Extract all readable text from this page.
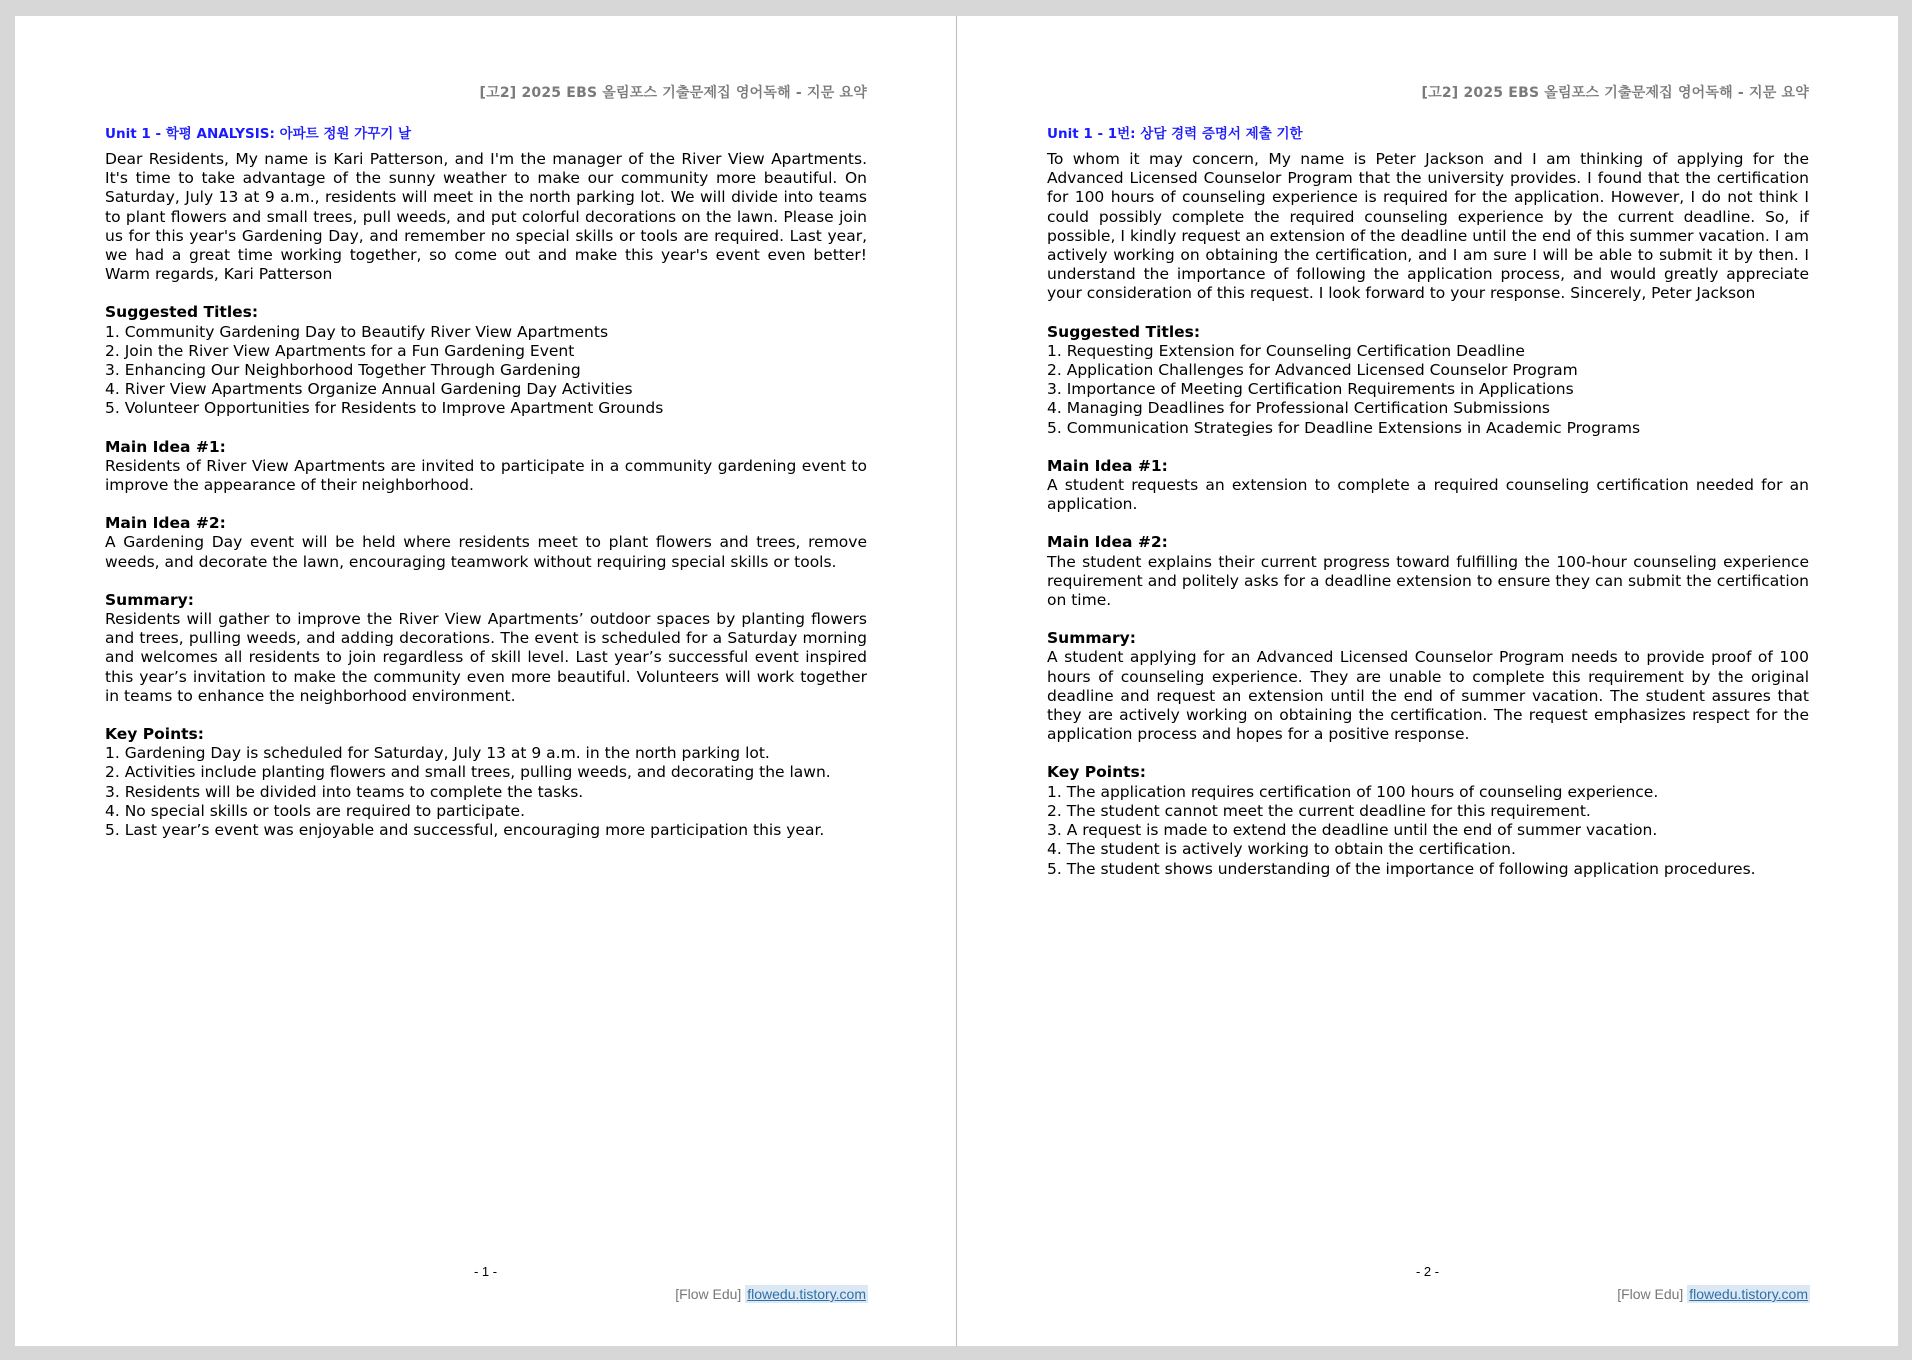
[고2] 2025 EBS 올림포스 기출문제집 영어독해 - 지문 요약
Unit 1 - 학평 ANALYSIS: 아파트 정원 가꾸기 날
Dear Residents, My name is Kari Patterson, and I'm the manager of the River View Apartments. It's time to take advantage of the sunny weather to make our community more beautiful. On Saturday, July 13 at 9 a.m., residents will meet in the north parking lot. We will divide into teams to plant flowers and small trees, pull weeds, and put colorful decorations on the lawn. Please join us for this year's Gardening Day, and remember no special skills or tools are required. Last year, we had a great time working together, so come out and make this year's event even better! Warm regards, Kari Patterson
Suggested Titles:
1. Community Gardening Day to Beautify River View Apartments
2. Join the River View Apartments for a Fun Gardening Event
3. Enhancing Our Neighborhood Together Through Gardening
4. River View Apartments Organize Annual Gardening Day Activities
5. Volunteer Opportunities for Residents to Improve Apartment Grounds
Main Idea #1:
Residents of River View Apartments are invited to participate in a community gardening event to improve the appearance of their neighborhood.
Main Idea #2:
A Gardening Day event will be held where residents meet to plant flowers and trees, remove weeds, and decorate the lawn, encouraging teamwork without requiring special skills or tools.
Summary:
Residents will gather to improve the River View Apartments’ outdoor spaces by planting flowers and trees, pulling weeds, and adding decorations. The event is scheduled for a Saturday morning and welcomes all residents to join regardless of skill level. Last year’s successful event inspired this year’s invitation to make the community even more beautiful. Volunteers will work together in teams to enhance the neighborhood environment.
Key Points:
1. Gardening Day is scheduled for Saturday, July 13 at 9 a.m. in the north parking lot.
2. Activities include planting flowers and small trees, pulling weeds, and decorating the lawn.
3. Residents will be divided into teams to complete the tasks.
4. No special skills or tools are required to participate.
5. Last year’s event was enjoyable and successful, encouraging more participation this year.
- 1 -
[Flow Edu] flowedu.tistory.com
[고2] 2025 EBS 올림포스 기출문제집 영어독해 - 지문 요약
Unit 1 - 1번: 상담 경력 증명서 제출 기한
To whom it may concern, My name is Peter Jackson and I am thinking of applying for the Advanced Licensed Counselor Program that the university provides. I found that the certification for 100 hours of counseling experience is required for the application. However, I do not think I could possibly complete the required counseling experience by the current deadline. So, if possible, I kindly request an extension of the deadline until the end of this summer vacation. I am actively working on obtaining the certification, and I am sure I will be able to submit it by then. I understand the importance of following the application process, and would greatly appreciate your consideration of this request. I look forward to your response. Sincerely, Peter Jackson
Suggested Titles:
1. Requesting Extension for Counseling Certification Deadline
2. Application Challenges for Advanced Licensed Counselor Program
3. Importance of Meeting Certification Requirements in Applications
4. Managing Deadlines for Professional Certification Submissions
5. Communication Strategies for Deadline Extensions in Academic Programs
Main Idea #1:
A student requests an extension to complete a required counseling certification needed for an application.
Main Idea #2:
The student explains their current progress toward fulfilling the 100-hour counseling experience requirement and politely asks for a deadline extension to ensure they can submit the certification on time.
Summary:
A student applying for an Advanced Licensed Counselor Program needs to provide proof of 100 hours of counseling experience. They are unable to complete this requirement by the original deadline and request an extension until the end of summer vacation. The student assures that they are actively working on obtaining the certification. The request emphasizes respect for the application process and hopes for a positive response.
Key Points:
1. The application requires certification of 100 hours of counseling experience.
2. The student cannot meet the current deadline for this requirement.
3. A request is made to extend the deadline until the end of summer vacation.
4. The student is actively working to obtain the certification.
5. The student shows understanding of the importance of following application procedures.
- 2 -
[Flow Edu] flowedu.tistory.com
